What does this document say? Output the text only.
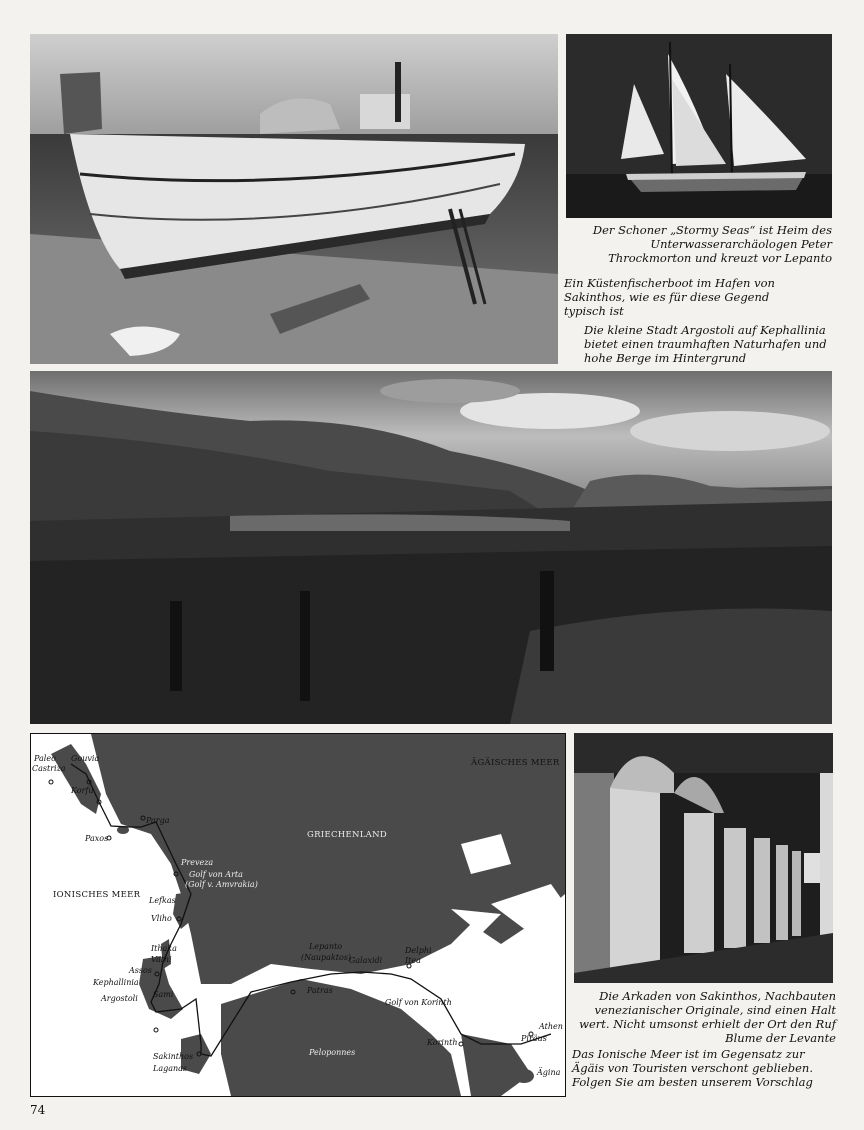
Der Schoner „Stormy Seas“ ist Heim des Unterwasserarchäologen Peter Throckmorton und kreuzt vor Lepanto
Ein Küstenfischerboot im Hafen von Sakinthos, wie es für diese Gegend typisch ist
Die kleine Stadt Argostoli auf Kephallinia bietet einen traumhaften Naturhafen und hohe Berge im Hintergrund
Paleo
Castriza
Gouvia
Korfu
Paxos
Parga
Preveza
Golf von Arta
(Golf v. Amvrakia)
IONISCHES MEER
Lefkas
Vliho
Ithaka
Vathi
Assos
Kephallinia
Sami
Argostoli
Sakinthos
Laganas
GRIECHENLAND
ÄGÄISCHES MEER
Lepanto
(Naupaktos)
Galaxidi
Delphi
Itea
Patras
Golf von Korinth
Peloponnes
Korinth
Athen
Piräus
Ägina
Die Arkaden von Sakinthos, Nachbauten venezianischer Originale, sind einen Halt wert. Nicht umsonst erhielt der Ort den Ruf Blume der Levante
Das Ionische Meer ist im Gegensatz zur Ägäis von Touristen verschont geblieben. Folgen Sie am besten unserem Vorschlag
74
